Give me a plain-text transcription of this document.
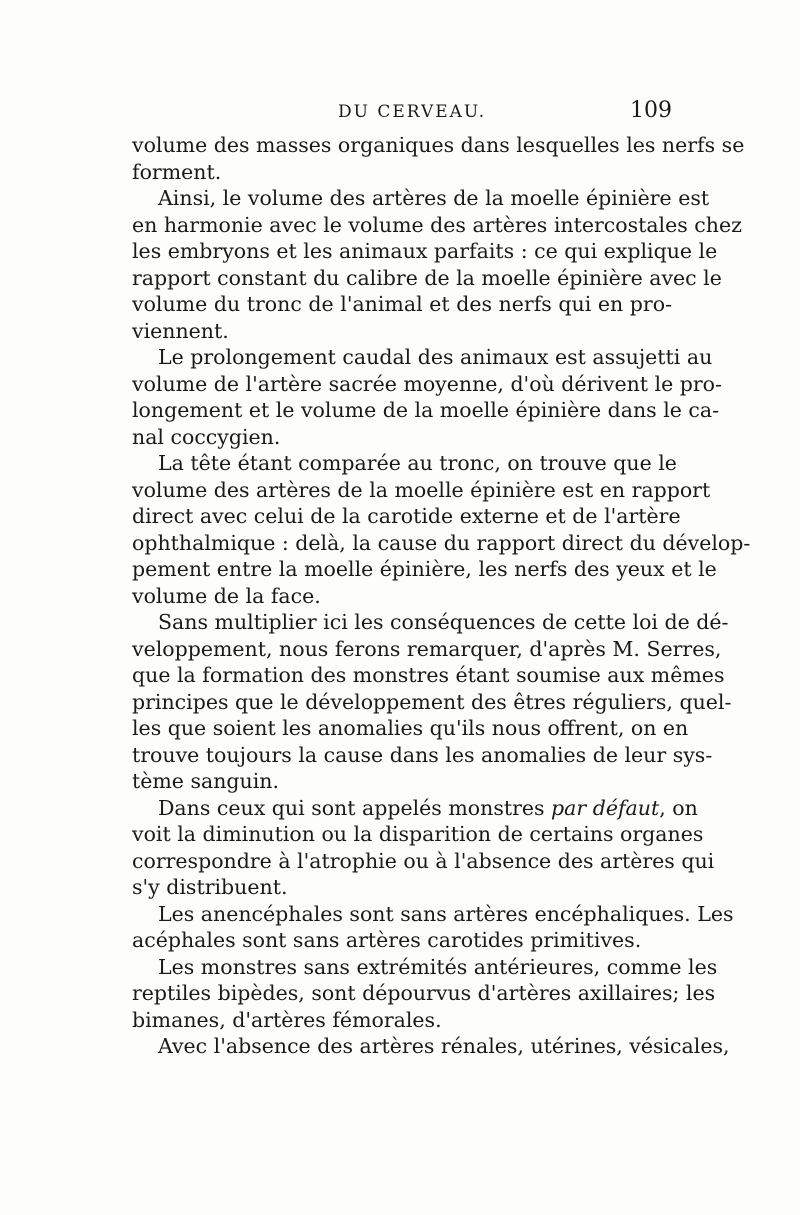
DU CERVEAU.	109
volume des masses organiques dans lesquelles les nerfs se
forment.
Ainsi, le volume des artères de la moelle épinière est
en harmonie avec le volume des artères intercostales chez
les embryons et les animaux parfaits : ce qui explique le
rapport constant du calibre de la moelle épinière avec le
volume du tronc de l'animal et des nerfs qui en pro-
viennent.
Le prolongement caudal des animaux est assujetti au
volume de l'artère sacrée moyenne, d'où dérivent le pro-
longement et le volume de la moelle épinière dans le ca-
nal coccygien.
La tête étant comparée au tronc, on trouve que le
volume des artères de la moelle épinière est en rapport
direct avec celui de la carotide externe et de l'artère
ophthalmique : delà, la cause du rapport direct du dévelop-
pement entre la moelle épinière, les nerfs des yeux et le
volume de la face.
Sans multiplier ici les conséquences de cette loi de dé-
veloppement, nous ferons remarquer, d'après M. Serres,
que la formation des monstres étant soumise aux mêmes
principes que le développement des êtres réguliers, quel-
les que soient les anomalies qu'ils nous offrent, on en
trouve toujours la cause dans les anomalies de leur sys-
tème sanguin.
Dans ceux qui sont appelés monstres par défaut, on
voit la diminution ou la disparition de certains organes
correspondre à l'atrophie ou à l'absence des artères qui
s'y distribuent.
Les anencéphales sont sans artères encéphaliques. Les
acéphales sont sans artères carotides primitives.
Les monstres sans extrémités antérieures, comme les
reptiles bipèdes, sont dépourvus d'artères axillaires; les
bimanes, d'artères fémorales.
Avec l'absence des artères rénales, utérines, vésicales,
